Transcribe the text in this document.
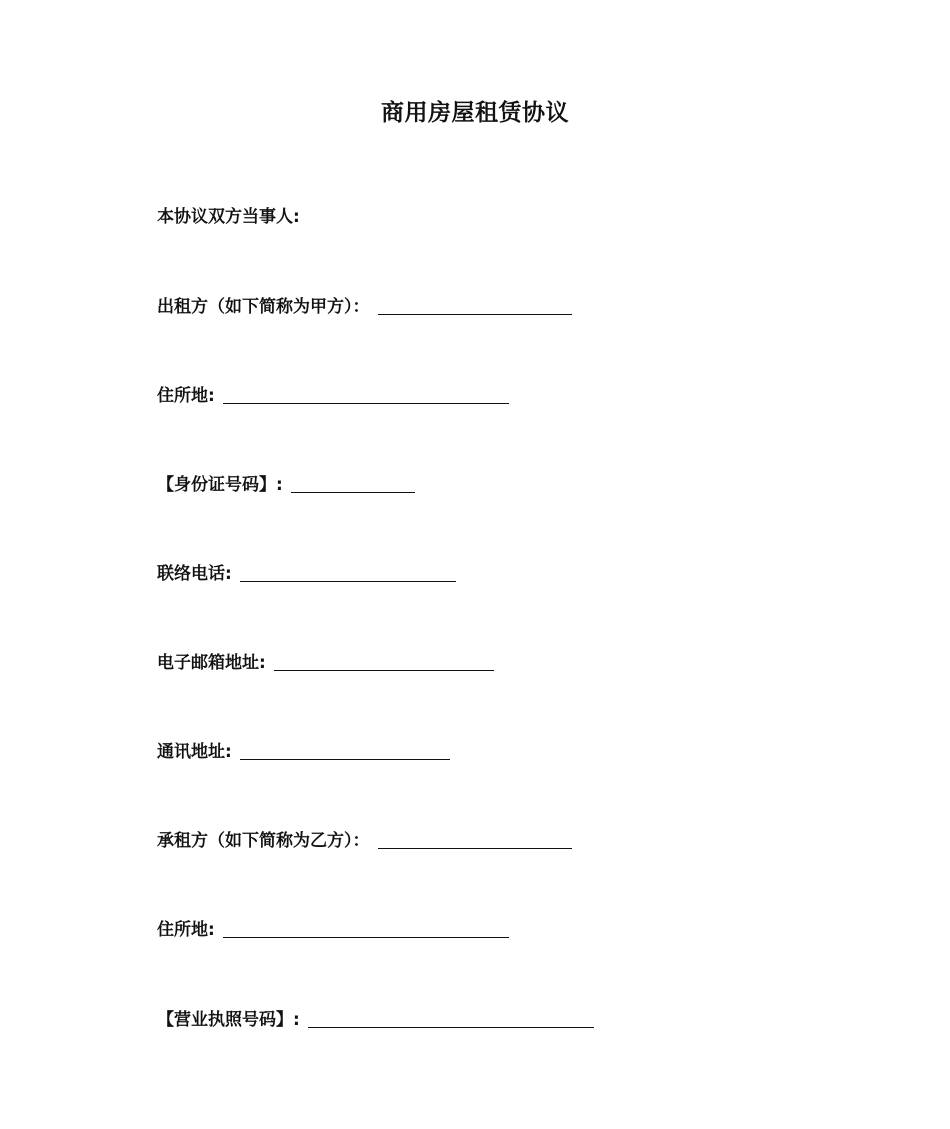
商用房屋租赁协议
本协议双方当事人:
出租方（如下简称为甲方）：
住所地:
【身份证号码】:
联络电话:
电子邮箱地址:
通讯地址:
承租方（如下简称为乙方）：
住所地:
【营业执照号码】:
